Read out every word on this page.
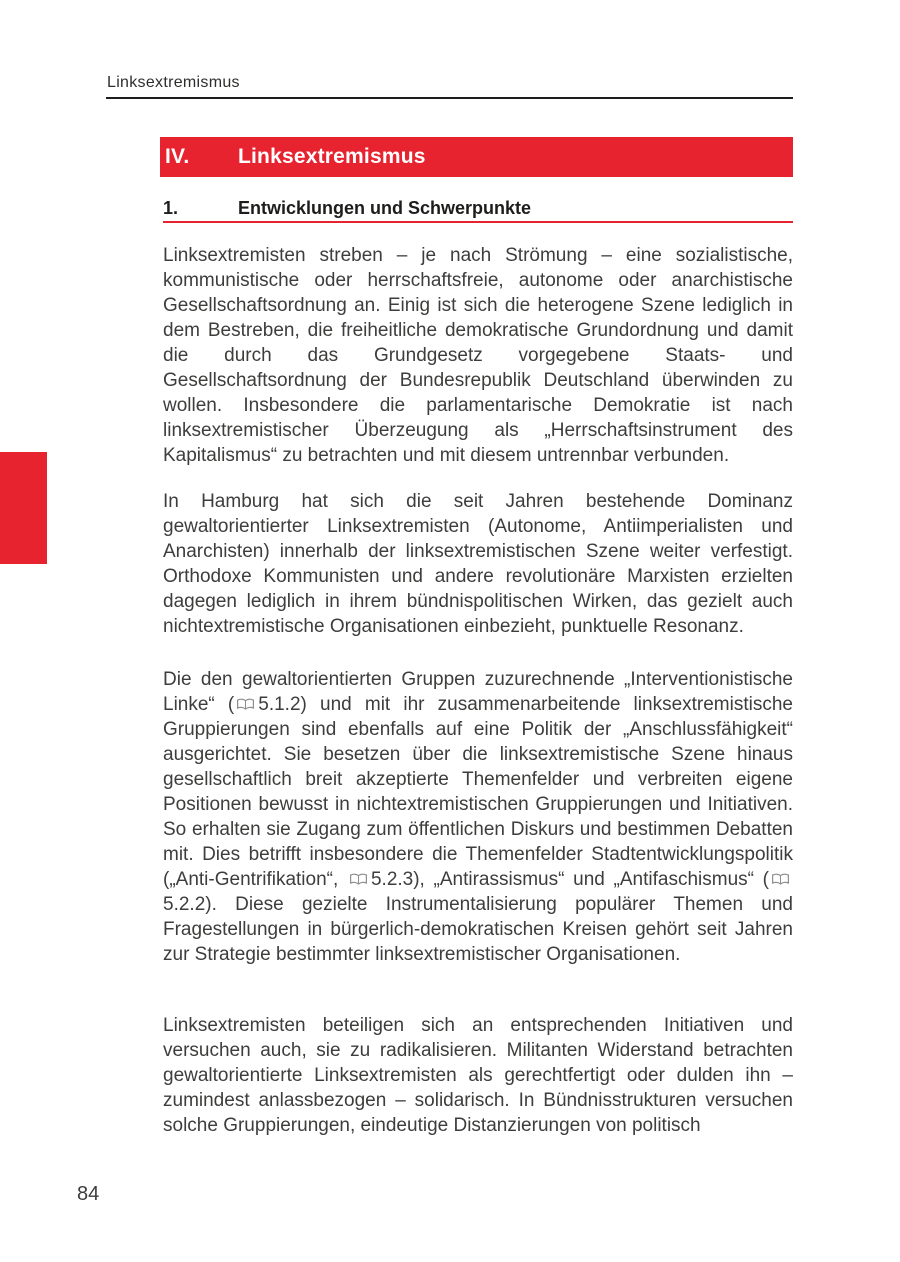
Linksextremismus
IV.	Linksextremismus
1.	Entwicklungen und Schwerpunkte

Linksextremisten streben – je nach Strömung – eine sozialistische, kommunistische oder herrschaftsfreie, autonome oder anarchistische Gesellschaftsordnung an. Einig ist sich die heterogene Szene lediglich in dem Bestreben, die freiheitliche demokratische Grundordnung und damit die durch das Grundgesetz vorgegebene Staats- und Gesellschaftsordnung der Bundesrepublik Deutschland überwinden zu wollen. Insbesondere die parlamentarische Demokratie ist nach linksextremistischer Überzeugung als „Herrschaftsinstrument des Kapitalismus“ zu betrachten und mit diesem untrennbar verbunden.

In Hamburg hat sich die seit Jahren bestehende Dominanz gewaltorientierter Linksextremisten (Autonome, Antiimperialisten und Anarchisten) innerhalb der linksextremistischen Szene weiter verfestigt. Orthodoxe Kommunisten und andere revolutionäre Marxisten erzielten dagegen lediglich in ihrem bündnispolitischen Wirken, das gezielt auch nichtextremistische Organisationen einbezieht, punktuelle Resonanz.

Die den gewaltorientierten Gruppen zuzurechnende „Interventionistische Linke“ ( 5.1.2) und mit ihr zusammenarbeitende linksextremistische Gruppierungen sind ebenfalls auf eine Politik der „Anschlussfähigkeit“ ausgerichtet. Sie besetzen über die linksextremistische Szene hinaus gesellschaftlich breit akzeptierte Themenfelder und verbreiten eigene Positionen bewusst in nichtextremistischen Gruppierungen und Initiativen. So erhalten sie Zugang zum öffentlichen Diskurs und bestimmen Debatten mit. Dies betrifft insbesondere die Themenfelder Stadtentwicklungspolitik („Anti-Gentrifikation“, 5.2.3), „Antirassismus“ und „Antifaschismus“ (5.2.2). Diese gezielte Instrumentalisierung populärer Themen und Fragestellungen in bürgerlich-demokratischen Kreisen gehört seit Jahren zur Strategie bestimmter linksextremistischer Organisationen.

Linksextremisten beteiligen sich an entsprechenden Initiativen und versuchen auch, sie zu radikalisieren. Militanten Widerstand betrachten gewaltorientierte Linksextremisten als gerechtfertigt oder dulden ihn – zumindest anlassbezogen – solidarisch. In Bündnisstrukturen versuchen solche Gruppierungen, eindeutige Distanzierungen von politisch

84
